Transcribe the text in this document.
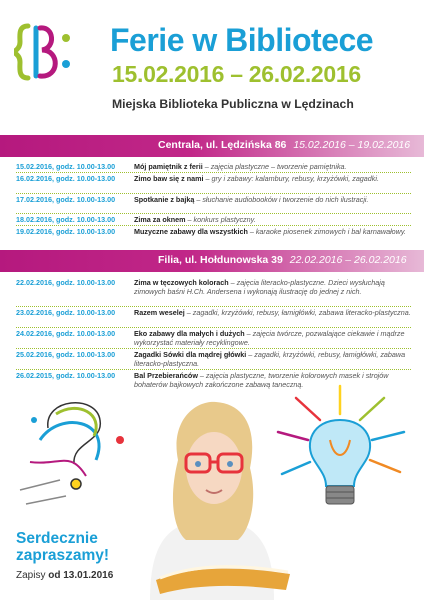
Ferie w Bibliotece
15.02.2016 – 26.02.2016
Miejska Biblioteka Publiczna w Lędzinach
Centrala, ul. Lędzińska 86 15.02.2016 – 19.02.2016
15.02.2016, godz. 10.00-13.00	Mój pamiętnik z ferii – zajęcia plastyczne – tworzenie pamiętnika.
16.02.2016, godz. 10.00-13.00	Zimo baw się z nami – gry i zabawy: kalambury, rebusy, krzyżówki, zagadki.
17.02.2016, godz. 10.00-13.00	Spotkanie z bajką – słuchanie audiobooków i tworzenie do nich ilustracji.
18.02.2016, godz. 10.00-13.00	Zima za oknem – konkurs plastyczny.
19.02.2016, godz. 10.00-13.00	Muzyczne zabawy dla wszystkich – karaoke piosenek zimowych i bal karnawałowy.
Filia, ul. Hołdunowska 39 22.02.2016 – 26.02.2016
22.02.2016, godz. 10.00-13.00	Zima w tęczowych kolorach – zajęcia literacko-plastyczne. Dzieci wysłuchają zimowych baśni H.Ch. Andersena i wykonają ilustrację do jednej z nich.
23.02.2016, godz. 10.00-13.00	Razem weselej – zagadki, krzyżówki, rebusy, łamigłówki, zabawa literacko-plastyczna.
24.02.2016, godz. 10.00-13.00	Eko zabawy dla małych i dużych – zajęcia twórcze, pozwalające ciekawie i mądrze wykorzystać materiały recyklingowe.
25.02.2016, godz. 10.00-13.00	Zagadki Sówki dla mądrej główki – zagadki, krzyżówki, rebusy, łamigłówki, zabawa literacko-plastyczna.
26.02.2015, godz. 10.00-13.00	Bal Przebierańców – zajęcia plastyczne, tworzenie kolorowych masek i strojów bohaterów bajkowych zakończone zabawą taneczną.
Serdecznie
zapraszamy!
Zapisy od 13.01.2016
